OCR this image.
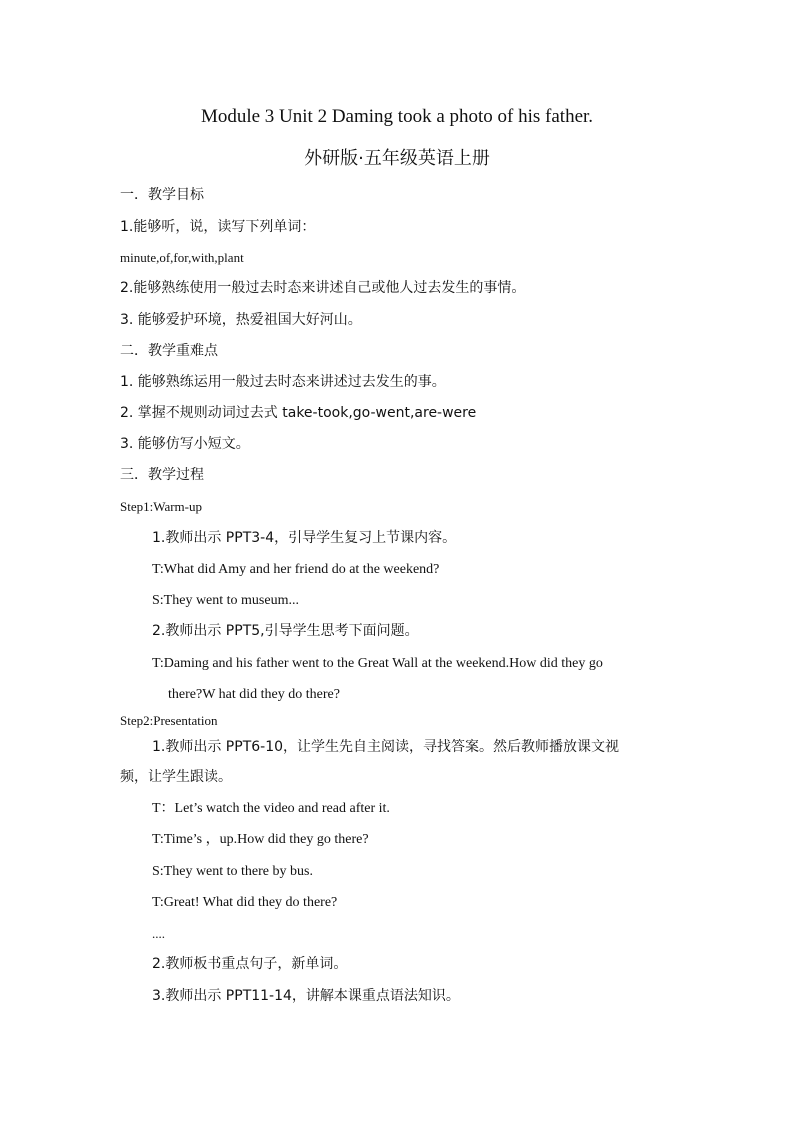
Module 3 Unit 2 Daming took a photo of his father.
外研版·五年级英语上册
一．教学目标
1.能够听，说，读写下列单词：
minute,of,for,with,plant
2.能够熟练使用一般过去时态来讲述自己或他人过去发生的事情。
3. 能够爱护环境，热爱祖国大好河山。
二．教学重难点
1. 能够熟练运用一般过去时态来讲述过去发生的事。
2. 掌握不规则动词过去式 take-took,go-went,are-were
3. 能够仿写小短文。
三．教学过程
Step1:Warm-up
1.教师出示 PPT3-4，引导学生复习上节课内容。
T:What did Amy and her friend do at the weekend?
S:They went to museum...
2.教师出示 PPT5,引导学生思考下面问题。
T:Daming and his father went to the Great Wall at the weekend.How did they go
there?W hat did they do there?
Step2:Presentation
1.教师出示 PPT6-10，让学生先自主阅读，寻找答案。然后教师播放课文视
频，让学生跟读。
T：Let’s watch the video and read after it.
T:Time’s ，up.How did they go there?
S:They went to there by bus.
T:Great! What did they do there?
....
2.教师板书重点句子，新单词。
3.教师出示 PPT11-14，讲解本课重点语法知识。
